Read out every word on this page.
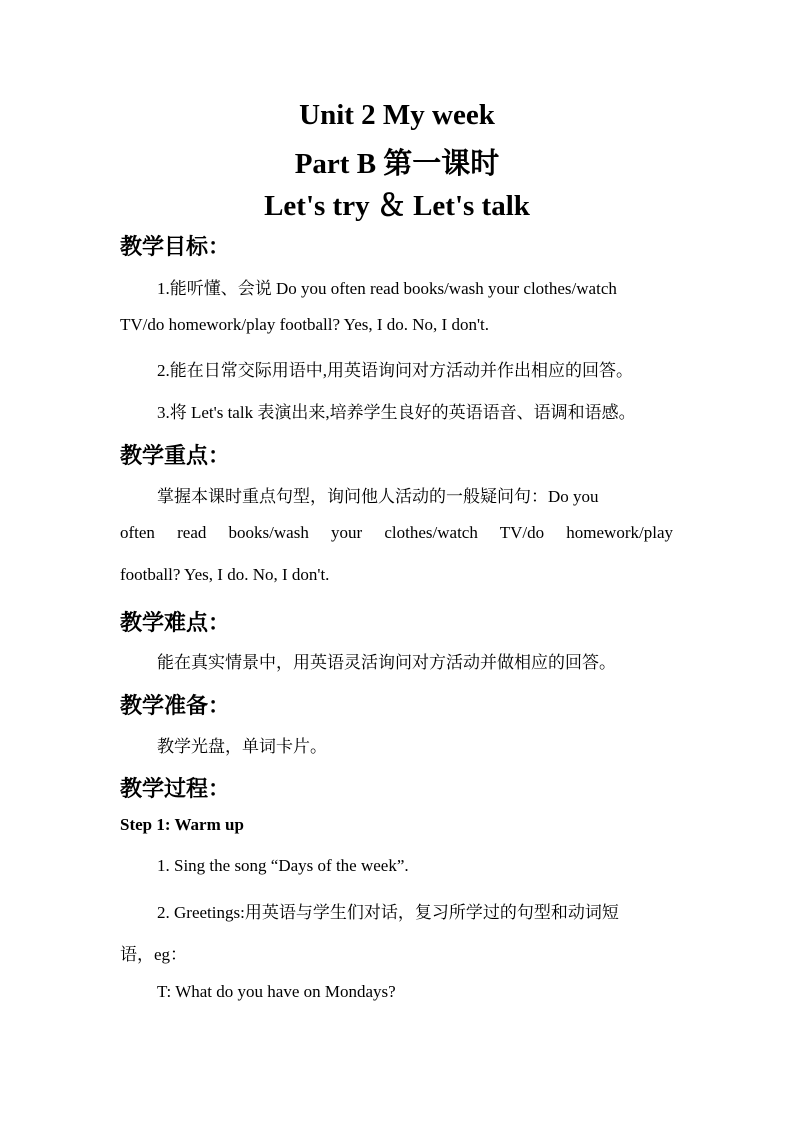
Unit 2 My week
Part B 第一课时
Let's try ＆ Let's talk
教学目标：
1.能听懂、会说 Do you often read books/wash your clothes/watch
TV/do homework/play football? Yes, I do. No, I don't.
2.能在日常交际用语中,用英语询问对方活动并作出相应的回答。
3.将 Let's talk 表演出来,培养学生良好的英语语音、语调和语感。
教学重点：
掌握本课时重点句型，询问他人活动的一般疑问句：Do you
often read books/wash your clothes/watch TV/do homework/play
football? Yes, I do. No, I don't.
教学难点：
能在真实情景中，用英语灵活询问对方活动并做相应的回答。
教学准备：
教学光盘，单词卡片。
教学过程：
Step 1: Warm up
1. Sing the song “Days of the week”.
2. Greetings:用英语与学生们对话，复习所学过的句型和动词短
语，eg：
T: What do you have on Mondays?
